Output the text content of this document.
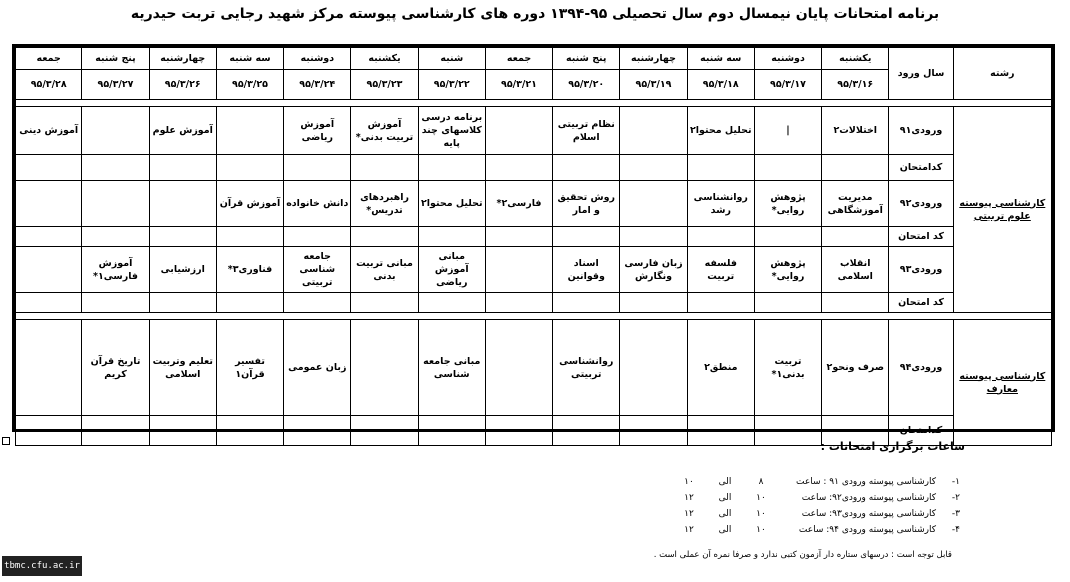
برنامه امتحانات پایان نیمسال دوم سال تحصیلی ۹۵-۱۳۹۴ دوره های کارشناسی پیوسته مرکز شهید رجایی تربت حیدریه
رشته	سال ورود	یکشنبه	دوشنبه	سه شنبه	چهارشنبه	پنج شنبه	جمعه	شنبه	یکشنبه	دوشنبه	سه شنبه	چهارشنبه	پنج شنبه	جمعه
		۹۵/۳/۱۶	۹۵/۳/۱۷	۹۵/۳/۱۸	۹۵/۳/۱۹	۹۵/۳/۲۰	۹۵/۳/۲۱	۹۵/۳/۲۲	۹۵/۳/۲۳	۹۵/۳/۲۴	۹۵/۳/۲۵	۹۵/۳/۲۶	۹۵/۳/۲۷	۹۵/۳/۲۸

کارشناسی پیوسته علوم تربیتی	ورودی۹۱	اختلالات۲	|	تحلیل محتوا۲		نظام تربیتی اسلام		برنامه درسی کلاسهای چند پایه	آموزش تربیت بدنی*	آموزش ریاضی		آموزش علوم		آموزش دینی
	کدامتحان													
	ورودی۹۲	مدیریت آموزشگاهی	پژوهش روایی*	روانشناسی رشد		روش تحقیق و امار	فارسی۲*	تحلیل محتوا۲	راهبردهای تدریس*	دانش خانواده	آموزش قرآن			
	کد امتحان													
	ورودی۹۳	انقلاب اسلامی	پژوهش روایی*	فلسفه تربیت	زبان فارسی ونگارش	اسناد وقوانین		مبانی آموزش ریاضی	مبانی تربیت بدنی	جامعه شناسی تربیتی	فناوری۳*	ارزشیابی	آموزش فارسی۱*	
	کد امتحان													

کارشناسی پیوسته معارف	ورودی۹۴	صرف ونحو۲	تربیت بدنی۱*	منطق۲		روانشناسی تربیتی		مبانی جامعه شناسی		زبان عمومی	تفسیر قرآن۱	تعلیم وتربیت اسلامی	تاریخ قرآن کریم	
	کدامتحان													
ساعات برگزاری امتحانات :
۱-
کارشناسی پیوسته ورودی ۹۱ : ساعت
۸
الی
۱۰
۲-
کارشناسی پیوسته ورودی۹۲: ساعت
۱۰
الی
۱۲
۳-
کارشناسی پیوسته ورودی۹۳: ساعت
۱۰
الی
۱۲
۴-
کارشناسی پیوسته ورودی ۹۴: ساعت
۱۰
الی
۱۲
قابل توجه است : درسهای ستاره دار آزمون کتبی ندارد و صرفا نمره آن عملی است .
tbmc.cfu.ac.ir
